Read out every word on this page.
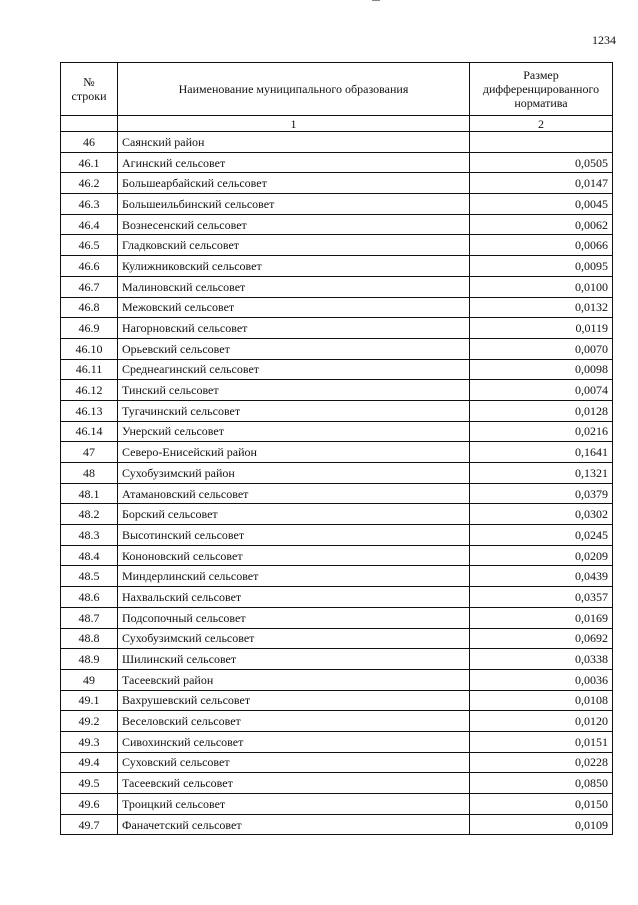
1234
№
строки	Наименование муниципального образования	Размер
дифференцированного
норматива
	1	2
46	Саянский район	
46.1	Агинский сельсовет	0,0505
46.2	Большеарбайский сельсовет	0,0147
46.3	Большеильбинский сельсовет	0,0045
46.4	Вознесенский сельсовет	0,0062
46.5	Гладковский сельсовет	0,0066
46.6	Кулижниковский сельсовет	0,0095
46.7	Малиновский сельсовет	0,0100
46.8	Межовский сельсовет	0,0132
46.9	Нагорновский сельсовет	0,0119
46.10	Орьевский сельсовет	0,0070
46.11	Среднеагинский сельсовет	0,0098
46.12	Тинский сельсовет	0,0074
46.13	Тугачинский сельсовет	0,0128
46.14	Унерский сельсовет	0,0216
47	Северо-Енисейский район	0,1641
48	Сухобузимский район	0,1321
48.1	Атамановский сельсовет	0,0379
48.2	Борский сельсовет	0,0302
48.3	Высотинский сельсовет	0,0245
48.4	Кононовский сельсовет	0,0209
48.5	Миндерлинский сельсовет	0,0439
48.6	Нахвальский сельсовет	0,0357
48.7	Подсопочный сельсовет	0,0169
48.8	Сухобузимский сельсовет	0,0692
48.9	Шилинский сельсовет	0,0338
49	Тасеевский район	0,0036
49.1	Вахрушевский сельсовет	0,0108
49.2	Веселовский сельсовет	0,0120
49.3	Сивохинский сельсовет	0,0151
49.4	Суховский сельсовет	0,0228
49.5	Тасеевский сельсовет	0,0850
49.6	Троицкий сельсовет	0,0150
49.7	Фаначетский сельсовет	0,0109
